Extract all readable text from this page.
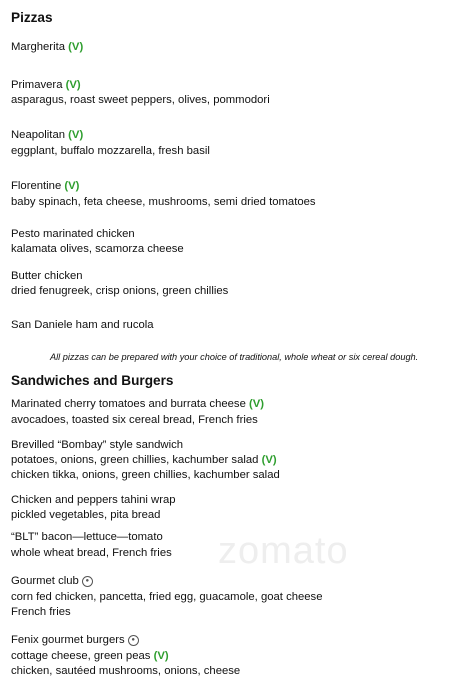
zomato
Pizzas
Margherita (V)
Primavera (V)
asparagus, roast sweet peppers, olives, pommodori
Neapolitan (V)
eggplant, buffalo mozzarella, fresh basil
Florentine (V)
baby spinach, feta cheese, mushrooms, semi dried tomatoes
Pesto marinated chicken
kalamata olives, scamorza cheese
Butter chicken
dried fenugreek, crisp onions, green chillies
San Daniele ham and rucola
All pizzas can be prepared with your choice of traditional, whole wheat or six cereal dough.
Sandwiches and Burgers
Marinated cherry tomatoes and burrata cheese (V)
avocadoes, toasted six cereal bread, French fries
Brevilled “Bombay” style sandwich
potatoes, onions, green chillies, kachumber salad (V)
chicken tikka, onions, green chillies, kachumber salad
Chicken and peppers tahini wrap
pickled vegetables, pita bread
“BLT” bacon—lettuce—tomato
whole wheat bread, French fries
Gourmet club ●
corn fed chicken, pancetta, fried egg, guacamole, goat cheese
French fries
Fenix gourmet burgers ●
cottage cheese, green peas (V)
chicken, sautéed mushrooms, onions, cheese
